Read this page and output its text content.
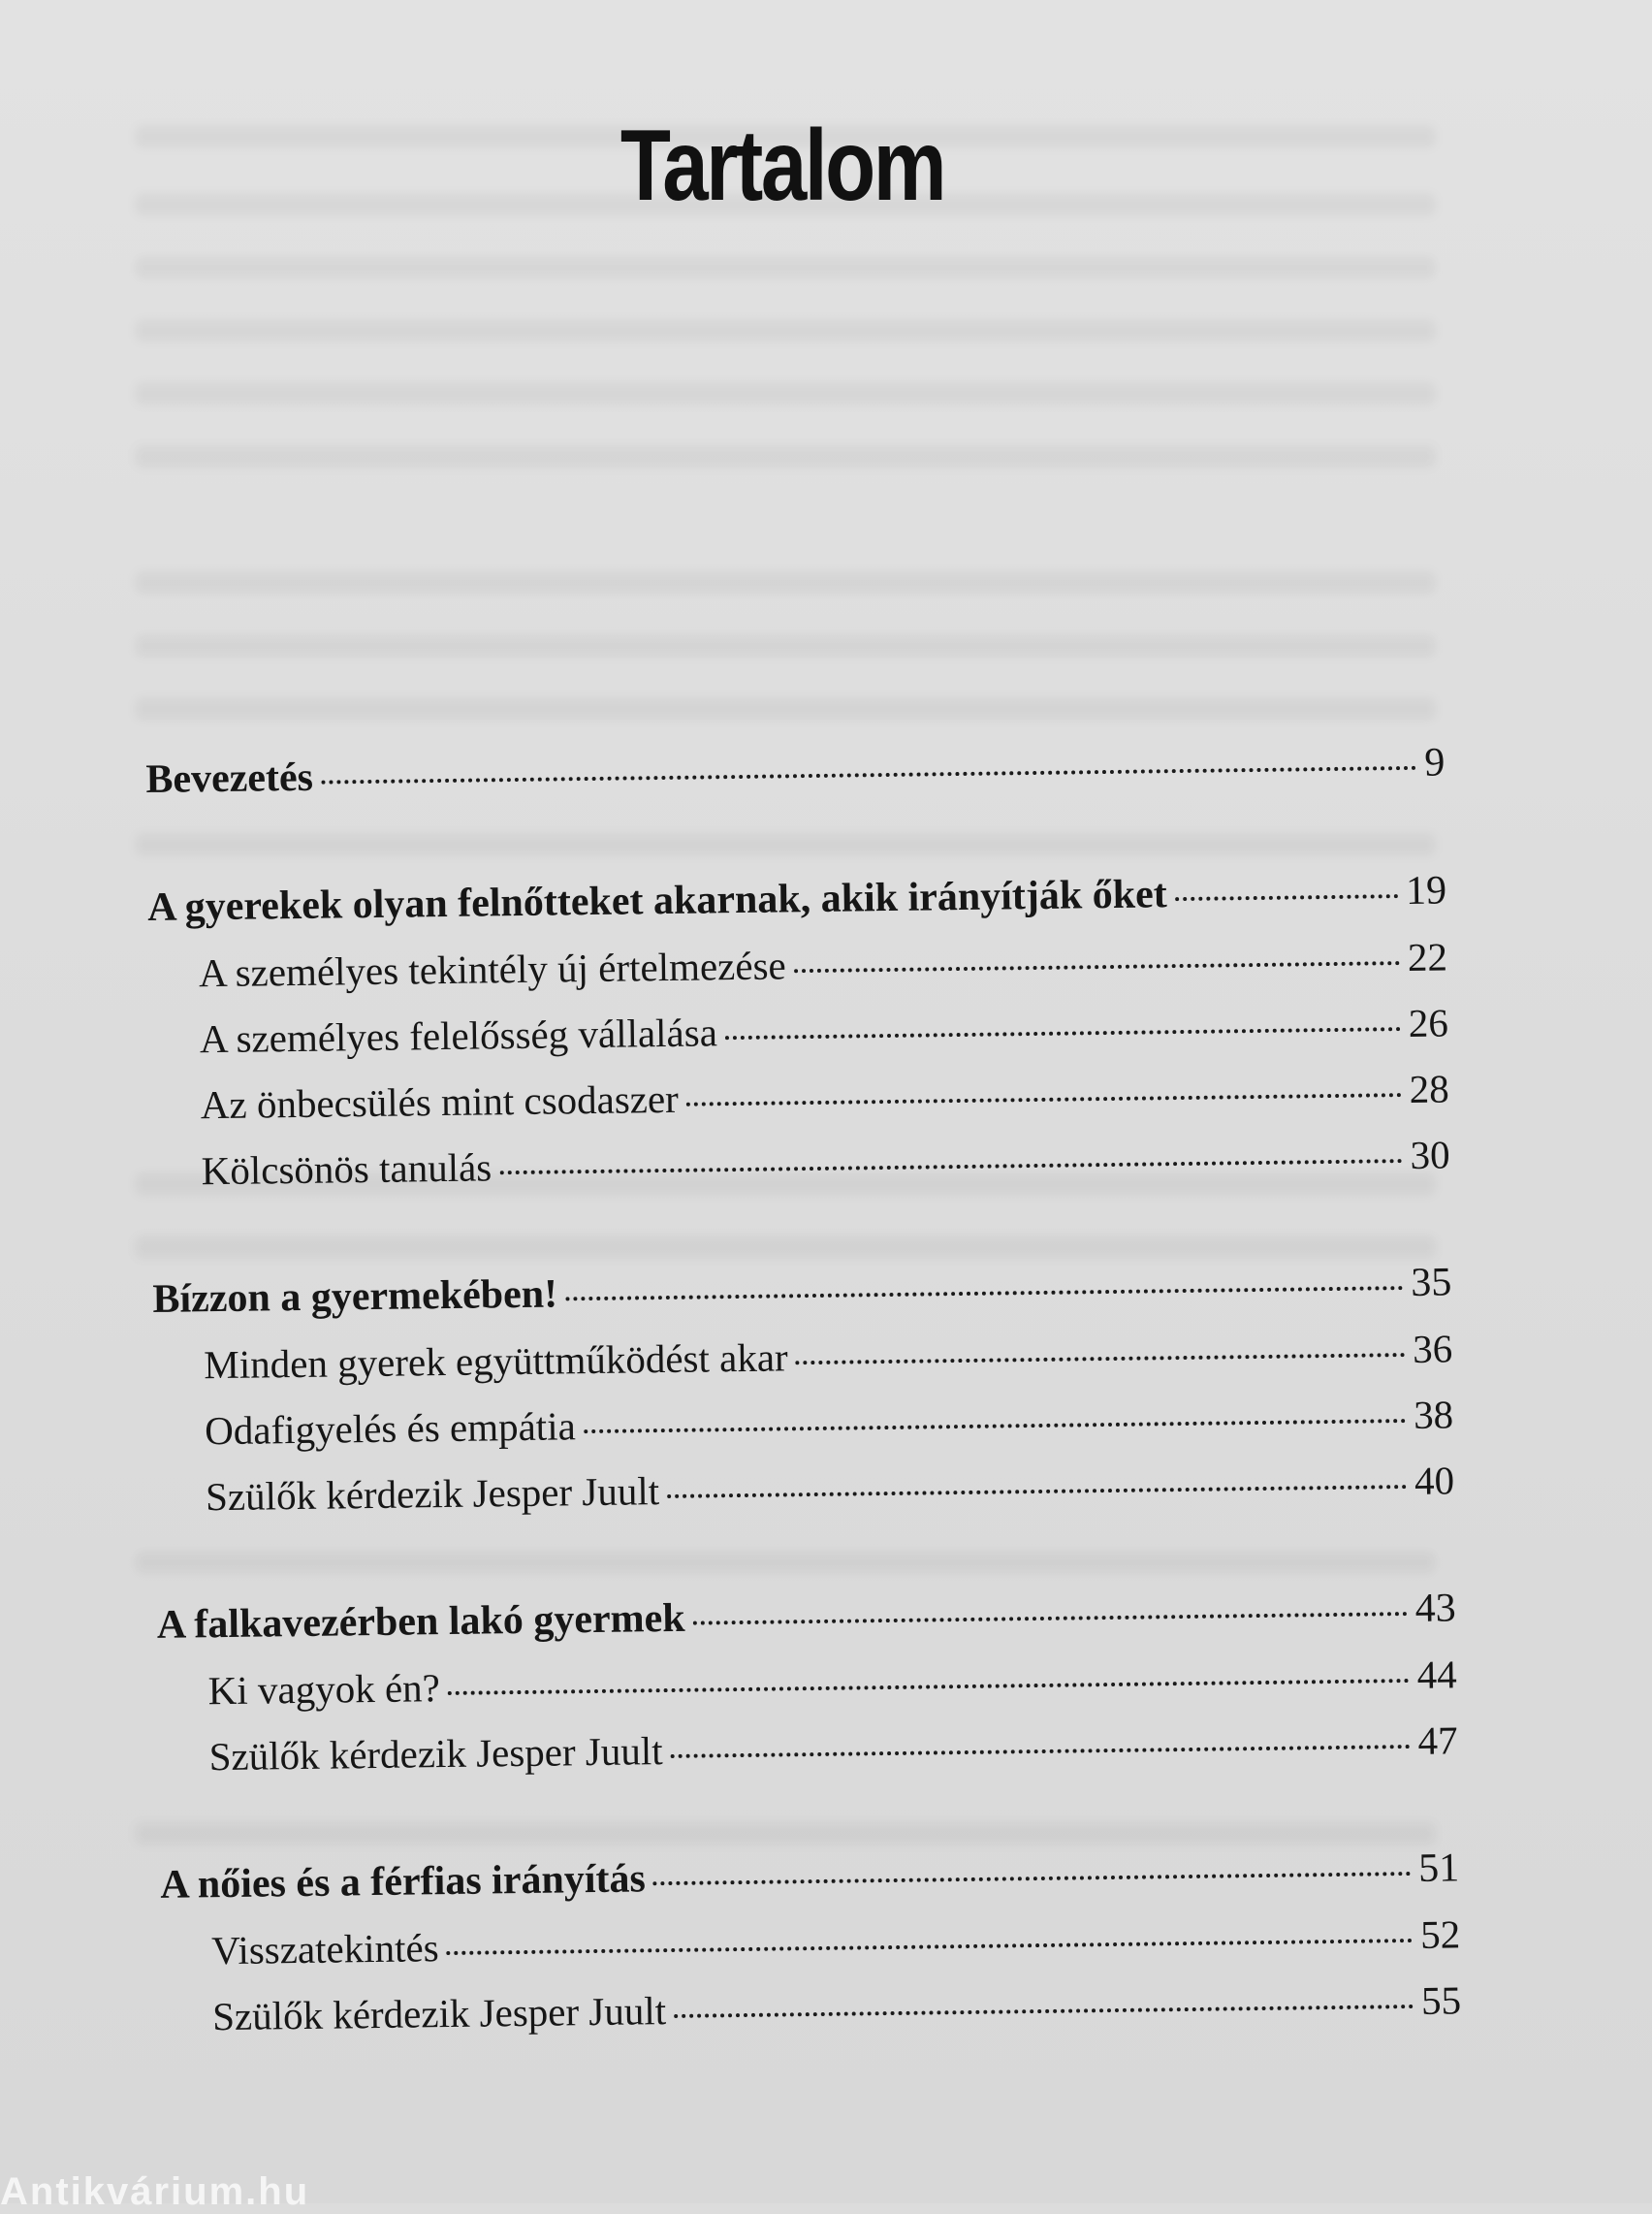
Tartalom
Bevezetés	9
A gyerekek olyan felnőtteket akarnak, akik irányítják őket	19
A személyes tekintély új értelmezése	22
A személyes felelősség vállalása	26
Az önbecsülés mint csodaszer	28
Kölcsönös tanulás	30
Bízzon a gyermekében!	35
Minden gyerek együttműködést akar	36
Odafigyelés és empátia	38
Szülők kérdezik Jesper Juult	40
A falkavezérben lakó gyermek	43
Ki vagyok én?	44
Szülők kérdezik Jesper Juult	47
A nőies és a férfias irányítás	51
Visszatekintés	52
Szülők kérdezik Jesper Juult	55
Antikvárium.hu
